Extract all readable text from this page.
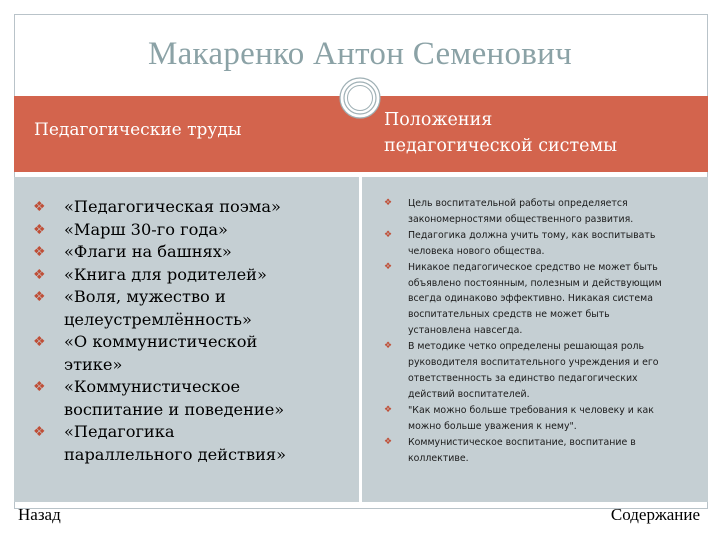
Макаренко Антон Семенович
Педагогические труды	Положения
педагогической системы
❖ «Педагогическая поэма»
❖ «Марш 30-го года»
❖ «Флаги на башнях»
❖ «Книга для родителей»
❖ «Воля, мужество и
целеустремлённость»
❖ «О коммунистической
этике»
❖ «Коммунистическое
воспитание и поведение»
❖ «Педагогика
параллельного действия»
❖ Цель воспитательной работы определяется
закономерностями общественного развития.
❖ Педагогика должна учить тому, как воспитывать
человека нового общества.
❖ Никакое педагогическое средство не может быть
объявлено постоянным, полезным и действующим
всегда одинаково эффективно. Никакая система
воспитательных средств не может быть
установлена навсегда.
❖ В методике четко определены решающая роль
руководителя воспитательного учреждения и его
ответственность за единство педагогических
действий воспитателей.
❖ "Как можно больше требования к человеку и как
можно больше уважения к нему".
❖ Коммунистическое воспитание, воспитание в
коллективе.
Назад	Содержание
